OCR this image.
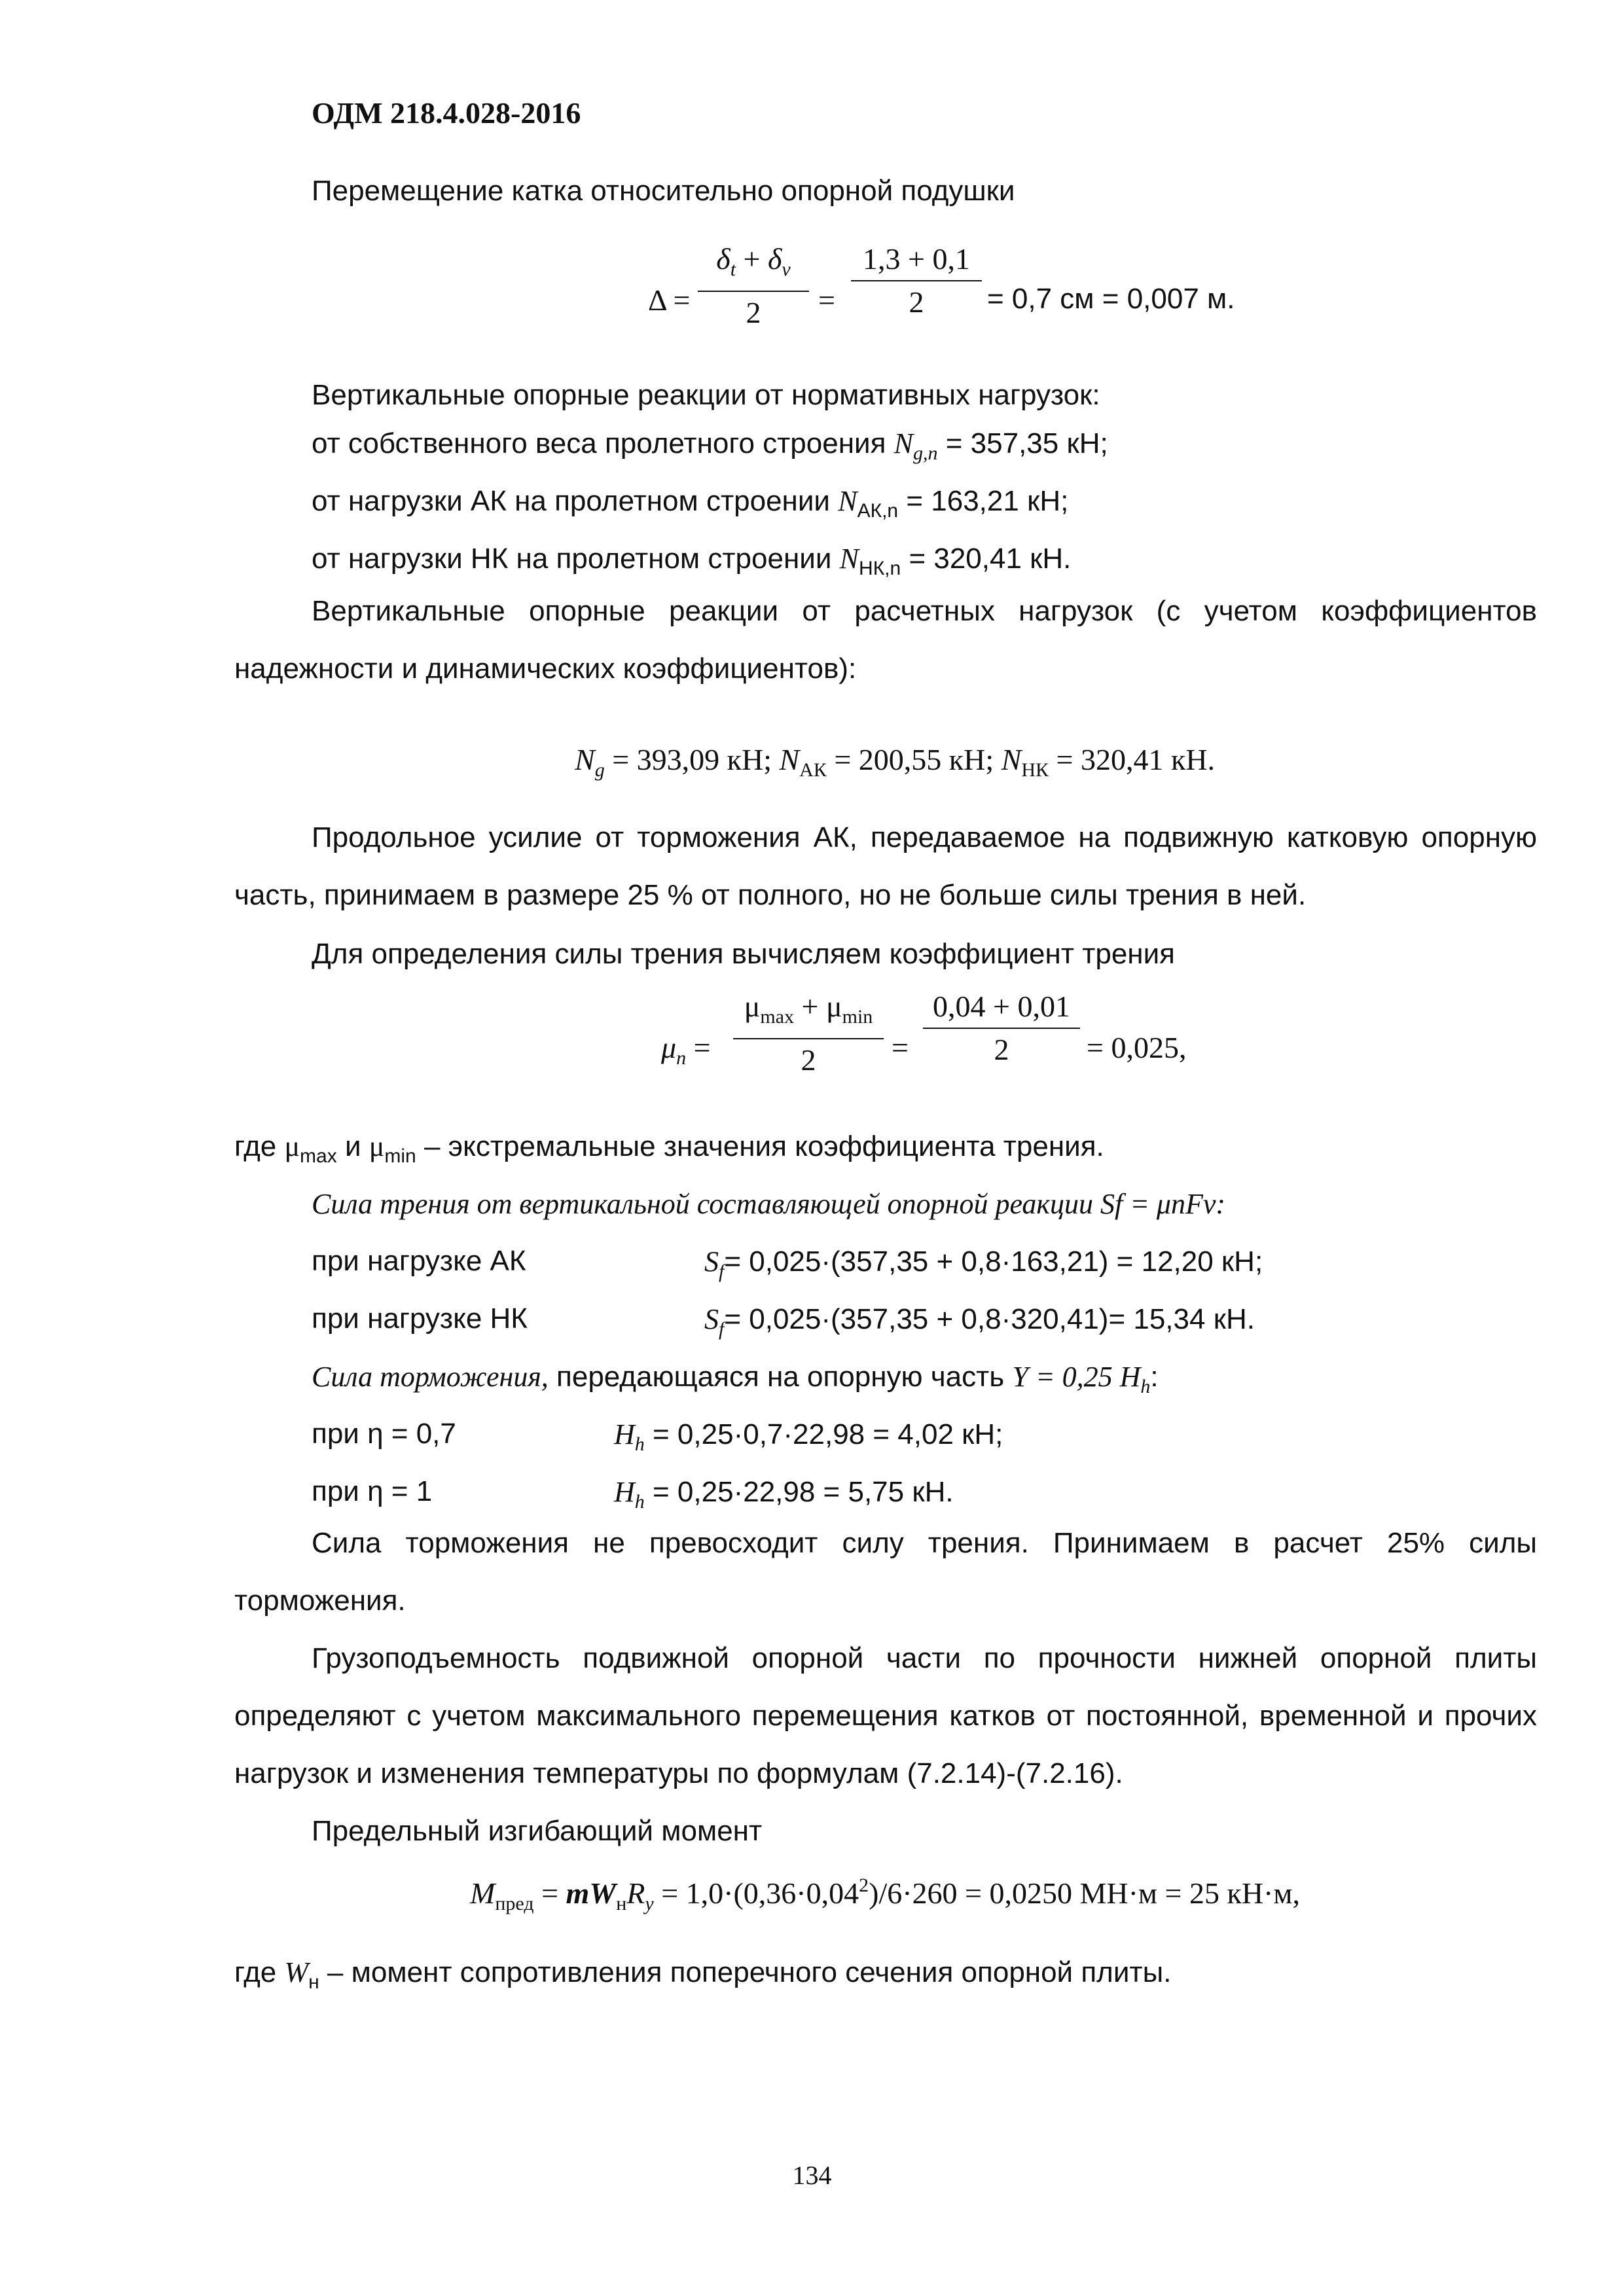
ОДМ 218.4.028-2016
Перемещение катка относительно опорной подушки
$\Delta = \frac{\delta_t + \delta_v}{2} = \frac{1,3 + 0,1}{2} = 0,7$ см = 0,007 м.
Вертикальные опорные реакции от нормативных нагрузок:
от собственного веса пролетного строения $N_{g,n} = 357,35$ кН;
от нагрузки АК на пролетном строении $N_{АК,n} = 163,21$ кН;
от нагрузки НК на пролетном строении $N_{НК,n} = 320,41$ кН.
Вертикальные опорные реакции от расчетных нагрузок (с учетом коэффициентов надежности и динамических коэффициентов):
$N_g = 393,09$ кН; $N_{АК} = 200,55$ кН; $N_{НК} = 320,41$ кН.
Продольное усилие от торможения АК, передаваемое на подвижную катковую опорную часть, принимаем в размере 25 % от полного, но не больше силы трения в ней.
Для определения силы трения вычисляем коэффициент трения
$\mu_n$ =
$\mu_{max} + \mu_{min}$
2	= $\frac{0,04 + 0,01}{2} = 0,025$,
где $\mu_{max}$ и $\mu_{min}$ – экстремальные значения коэффициента трения.
Сила трения от вертикальной составляющей опорной реакции Sf = μnFv:
при нагрузке АК	$S_f= 0,025\cdot(357,35 + 0,8\cdot 163,21) = 12,20$ кН;
при нагрузке НК	$S_f= 0,025\cdot(357,35 + 0,8\cdot 320,41)= 15,34$ кН.
Сила торможения, передающаяся на опорную часть Y = 0,25 $H_h$:
при η = 0,7	$H_h = 0,25\cdot 0,7\cdot 22,98 = 4,02$ кН;
при η = 1	$H_h = 0,25\cdot 22,98 = 5,75$ кН.
Сила торможения не превосходит силу трения. Принимаем в расчет 25% силы торможения.
Грузоподъемность подвижной опорной части по прочности нижней опорной плиты определяют с учетом максимального перемещения катков от постоянной, временной и прочих нагрузок и изменения температуры по формулам (7.2.14)-(7.2.16).
Предельный изгибающий момент
$M_{пред} = mW_нR_y = 1,0\cdot(0,36\cdot 0,04^2)/6\cdot 260 = 0,0250$ МН·м = 25 кН·м,
где $W_н$ – момент сопротивления поперечного сечения опорной плиты.
134
